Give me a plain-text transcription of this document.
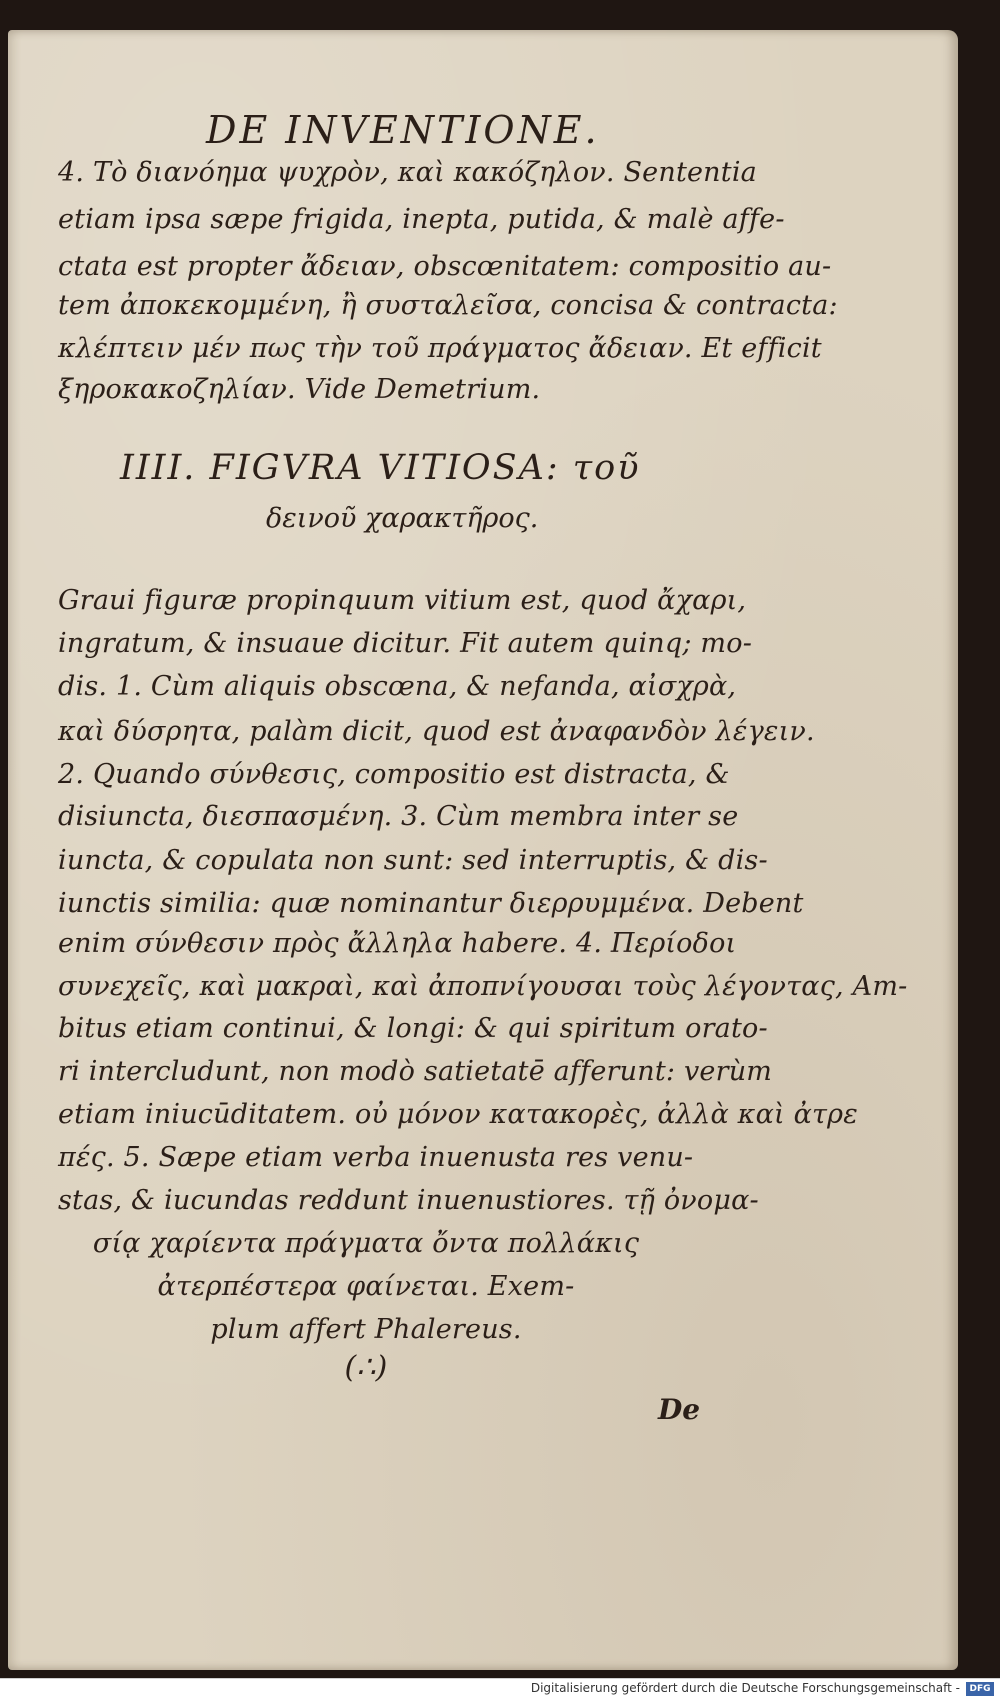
DE INVENTIONE.

4. Τὸ διανόημα ψυχρὸν, καὶ κακόζηλον. Sententia

etiam ipsa sæpe frigida, inepta, putida, & malè affe-

ctata est propter ἄδειαν, obscœnitatem: compositio au-

tem ἀποκεκομμένη, ἢ συσταλεῖσα, concisa & contracta:

κλέπτειν μέν πως τὴν τοῦ πράγματος ἄδειαν. Et efficit

ξηροκακοζηλίαν. Vide Demetrium.

IIII. FIGVRA VITIOSA: τοῦ

δεινοῦ χαρακτῆρος.

Graui figuræ propinquum vitium est, quod ἄχαρι,

ingratum, & insuaue dicitur. Fit autem quinq; mo-

dis. 1. Cùm aliquis obscœna, & nefanda, αἰσχρὰ,

καὶ δύσρητα, palàm dicit, quod est ἀναφανδὸν λέγειν.

2. Quando σύνθεσις, compositio est distracta, &

disiuncta, διεσπασμένη. 3. Cùm membra inter se

iuncta, & copulata non sunt: sed interruptis, & dis-

iunctis similia: quæ nominantur διερρυμμένα. Debent

enim σύνθεσιν πρὸς ἄλληλα habere. 4. Περίοδοι

συνεχεῖς, καὶ μακραὶ, καὶ ἀποπνίγουσαι τοὺς λέγοντας, Am-

bitus etiam continui, & longi: & qui spiritum orato-

ri intercludunt, non modò satietatē afferunt: verùm

etiam iniucūditatem. οὐ μόνον κατακορὲς, ἀλλὰ καὶ ἀτρε

πές. 5. Sæpe etiam verba inuenusta res venu-

stas, & iucundas reddunt inuenustiores. τῇ ὀνομα-

σίᾳ χαρίεντα πράγματα ὄντα πολλάκις

ἀτερπέστερα φαίνεται. Exem-

plum affert Phalereus.

(∴)

De

Digitalisierung gefördert durch die Deutsche Forschungsgemeinschaft -	DFG
